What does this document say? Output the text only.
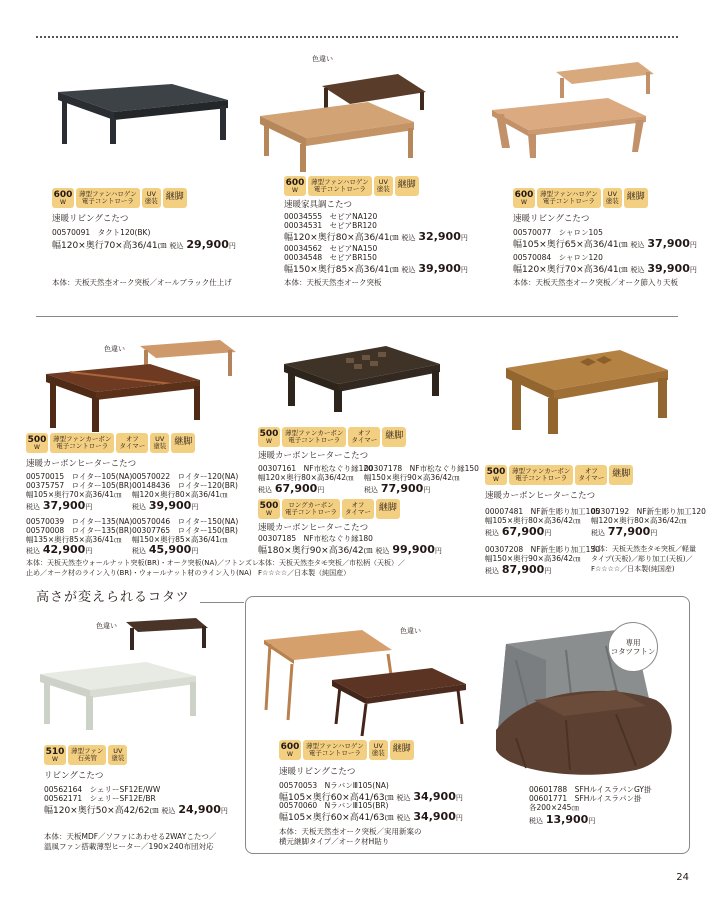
色違い
600
W
薄型ファンハロゲン
電子コントローラ
UV
塗装 継脚
速暖リビングこたつ
00570091　タクト120(BK)
幅120×奥行70×高36/41㎝ 税込 29,900円
本体：天板天然杢オーク突板／オールブラック仕上げ
600
W
薄型ファンハロゲン
電子コントローラ
UV
塗装 継脚
速暖家具調こたつ
00034555　セピアNA120
00034531　セピアBR120
幅120×奥行80×高36/41㎝ 税込 32,900円
00034562　セピアNA150
00034548　セピアBR150
幅150×奥行85×高36/41㎝ 税込 39,900円
本体：天板天然杢オーク突板
600
W
薄型ファンハロゲン
電子コントローラ
UV
塗装 継脚
速暖リビングこたつ
00570077　シャロン105
幅105×奥行65×高36/41㎝ 税込 37,900円
00570084　シャロン120
幅120×奥行70×高36/41㎝ 税込 39,900円
本体：天板天然杢オーク突板／オーク節入り天板
色違い
500
W
薄型ファンカーボン
電子コントローラ
オフ
タイマー
UV
塗装 継脚
速暖カーボンヒーターこたつ
00570015　ロイター105(NA)
00375757　ロイター105(BR)
幅105×奥行70×高36/41㎝
税込 37,900円
00570039　ロイター135(NA)
00570008　ロイター135(BR)
幅135×奥行85×高36/41㎝
税込 42,900円
00570022　ロイター120(NA)
00148436　ロイター120(BR)
幅120×奥行80×高36/41㎝
税込 39,900円
00570046　ロイター150(NA)
00307765　ロイター150(BR)
幅150×奥行85×高36/41㎝
税込 45,900円
本体：天板天然杢ウォールナット突板(BR)・オーク突板(NA)／フトンズレ
止め／オーク材のライン入り(BR)・ウォールナット材のライン入り(NA)
500
W
薄型ファンカーボン
電子コントローラ
オフ
タイマー 継脚
速暖カーボンヒーターこたつ
00307161　NF市松なぐり縁120
幅120×奥行80×高36/42㎝
税込 67,900円
00307178　NF市松なぐり縁150
幅150×奥行90×高36/42㎝
税込 77,900円
500
W
ロングカーボン
電子コントローラ
オフ
タイマー 継脚
速暖カーボンヒーターこたつ
00307185　NF市松なぐり縁180
幅180×奥行90×高36/42㎝ 税込 99,900円
本体：天板天然杢タモ突板／市松柄（天板）／
F☆☆☆☆／日本製（純国産）
500
W
薄型ファンカーボン
電子コントローラ
オフ
タイマー 継脚
速暖カーボンヒーターこたつ
00007481　NF新生彫り加工105
幅105×奥行80×高36/42㎝
税込 67,900円
00307208　NF新生彫り加工150
幅150×奥行90×高36/42㎝
税込 87,900円
00307192　NF新生彫り加工120
幅120×奥行80×高36/42㎝
税込 77,900円
本体：天板天然杢タモ突板／軽量
タイプ(天板)／彫り加工(天板)／
F☆☆☆☆／日本製(純国産)
高さが変えられるコタツ
色違い
510
W
薄型ファン
石英管
UV
塗装
リビングこたつ
00562164　シェリーSF12E/WW
00562171　シェリーSF12E/BR
幅120×奥行50×高42/62㎝ 税込 24,900円
本体：天板MDF／ソファにあわせる2WAYこたつ／
温風ファン搭載薄型ヒーター／190×240布団対応
色違い
600
W
薄型ファンハロゲン
電子コントローラ
UV
塗装 継脚
速暖リビングこたつ
00570053　NラバンⅢ105(NA)
幅105×奥行60×高41/63㎝ 税込 34,900円
00570060　NラバンⅢ105(BR)
幅105×奥行60×高41/63㎝ 税込 34,900円
本体：天板天然杢オーク突板／実用新案の
横元継脚タイプ／オーク材H貼り
専用
コタツフトン
00601788　SFHルイスラパンGY掛
00601771　SFHルイスラパン掛
各200×245㎝
税込 13,900円
24
